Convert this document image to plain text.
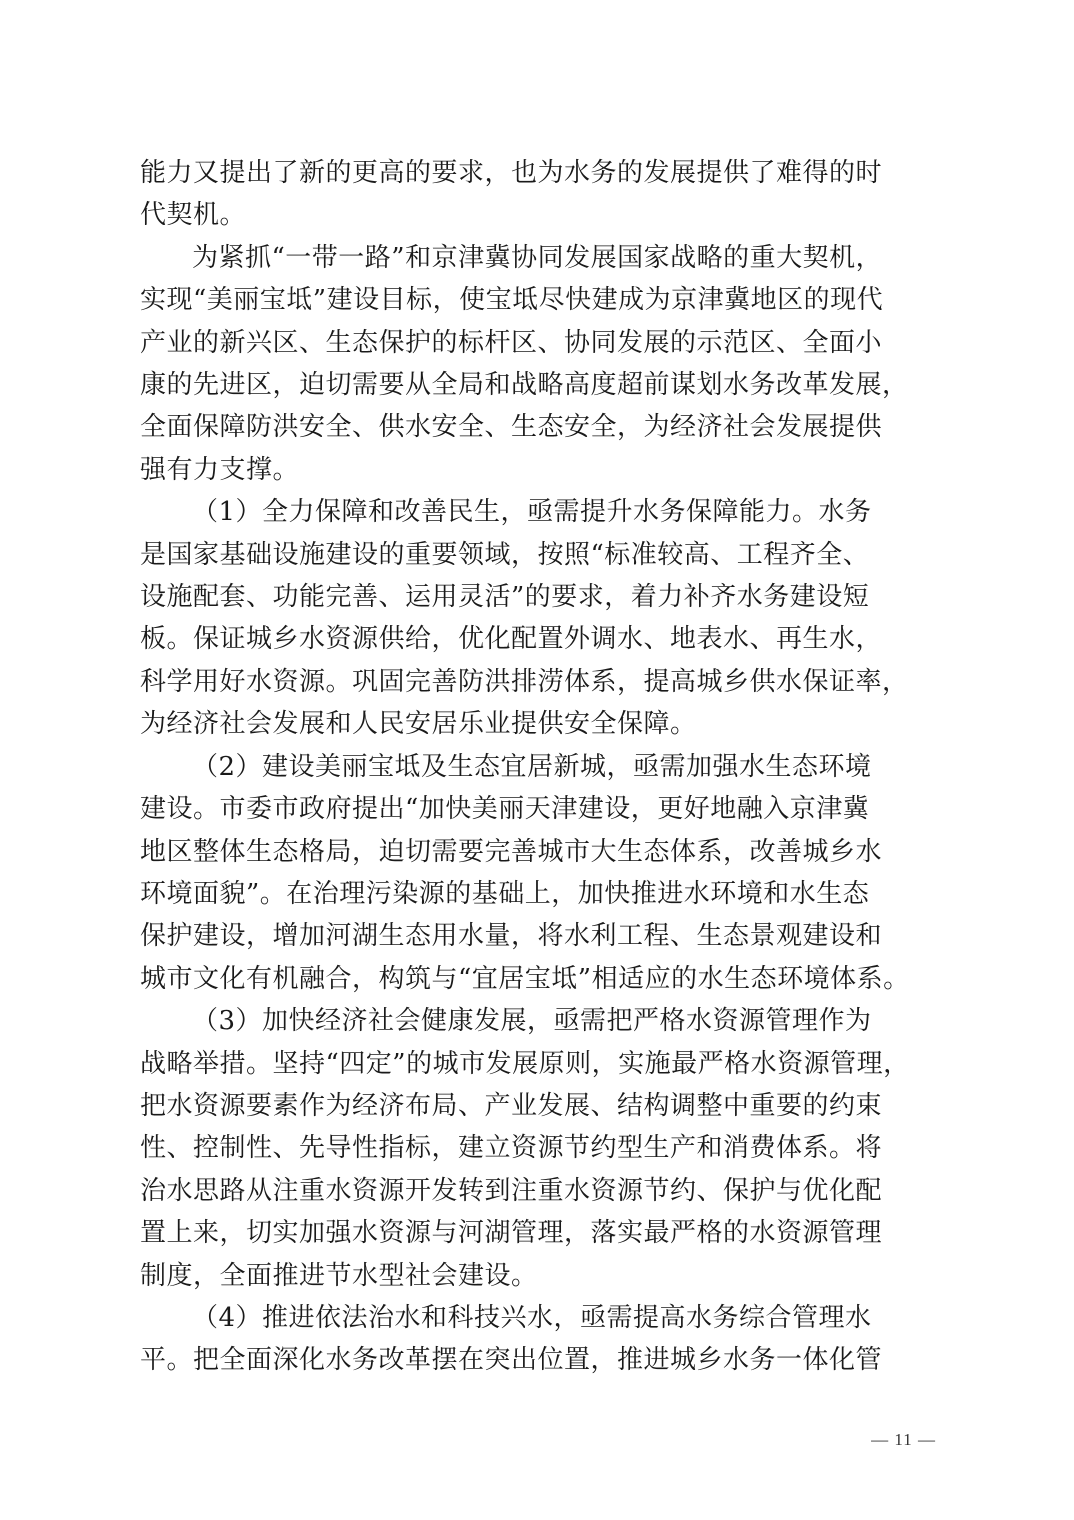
能力又提出了新的更高的要求，也为水务的发展提供了难得的时
代契机。

为紧抓“一带一路”和京津冀协同发展国家战略的重大契机，
实现“美丽宝坻”建设目标，使宝坻尽快建成为京津冀地区的现代
产业的新兴区、生态保护的标杆区、协同发展的示范区、全面小
康的先进区，迫切需要从全局和战略高度超前谋划水务改革发展，
全面保障防洪安全、供水安全、生态安全，为经济社会发展提供
强有力支撑。

（1）全力保障和改善民生，亟需提升水务保障能力。水务
是国家基础设施建设的重要领域，按照“标准较高、工程齐全、
设施配套、功能完善、运用灵活”的要求，着力补齐水务建设短
板。保证城乡水资源供给，优化配置外调水、地表水、再生水，
科学用好水资源。巩固完善防洪排涝体系，提高城乡供水保证率，
为经济社会发展和人民安居乐业提供安全保障。

（2）建设美丽宝坻及生态宜居新城，亟需加强水生态环境
建设。市委市政府提出“加快美丽天津建设，更好地融入京津冀
地区整体生态格局，迫切需要完善城市大生态体系，改善城乡水
环境面貌”。在治理污染源的基础上，加快推进水环境和水生态
保护建设，增加河湖生态用水量，将水利工程、生态景观建设和
城市文化有机融合，构筑与“宜居宝坻”相适应的水生态环境体系。

（3）加快经济社会健康发展，亟需把严格水资源管理作为
战略举措。坚持“四定”的城市发展原则，实施最严格水资源管理，
把水资源要素作为经济布局、产业发展、结构调整中重要的约束
性、控制性、先导性指标，建立资源节约型生产和消费体系。将
治水思路从注重水资源开发转到注重水资源节约、保护与优化配
置上来，切实加强水资源与河湖管理，落实最严格的水资源管理
制度，全面推进节水型社会建设。

（4）推进依法治水和科技兴水，亟需提高水务综合管理水
平。把全面深化水务改革摆在突出位置，推进城乡水务一体化管

— 11 —
